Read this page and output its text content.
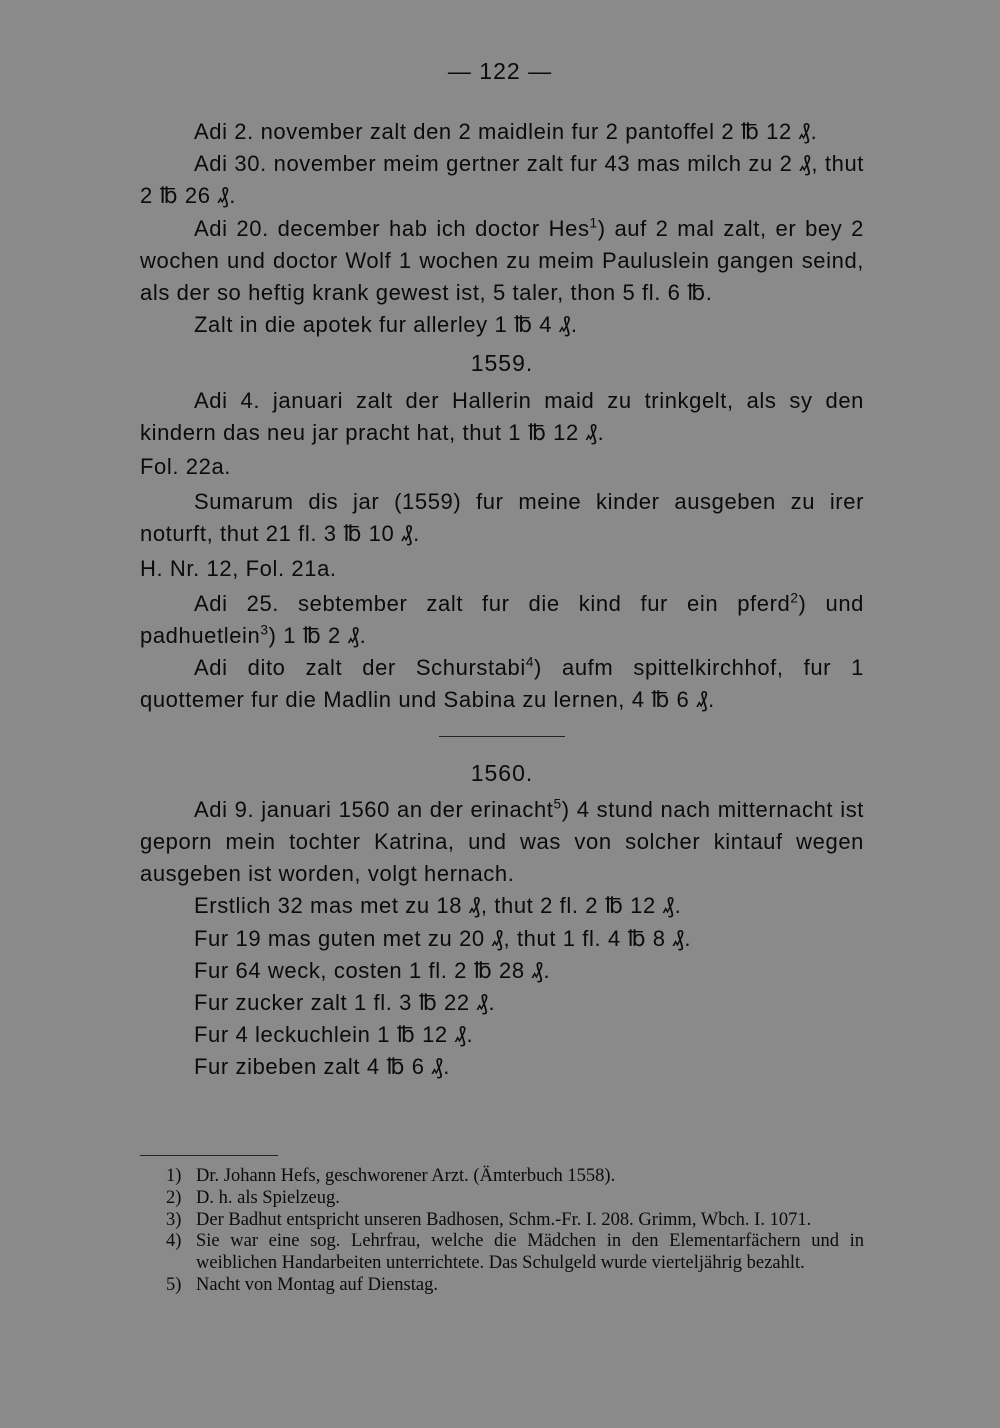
— 122 —

Adi 2. november zalt den 2 maidlein fur 2 pantoffel 2 ℔ 12 ₰.

Adi 30. november meim gertner zalt fur 43 mas milch zu 2 ₰, thut 2 ℔ 26 ₰.

Adi 20. december hab ich doctor Hes$^1$) auf 2 mal zalt, er bey 2 wochen und doctor Wolf 1 wochen zu meim Pauluslein gangen seind, als der so heftig krank gewest ist, 5 taler, thon 5 fl. 6 ℔.

Zalt in die apotek fur allerley 1 ℔ 4 ₰.

1559.

Adi 4. januari zalt der Hallerin maid zu trinkgelt, als sy den kindern das neu jar pracht hat, thut 1 ℔ 12 ₰.

Fol. 22a.

Sumarum dis jar (1559) fur meine kinder ausgeben zu irer noturft, thut 21 fl. 3 ℔ 10 ₰.

H. Nr. 12, Fol. 21a.

Adi 25. sebtember zalt fur die kind fur ein pferd$^2$) und padhuetlein$^3$) 1 ℔ 2 ₰.

Adi dito zalt der Schurstabi$^4$) aufm spittelkirchhof, fur 1 quottemer fur die Madlin und Sabina zu lernen, 4 ℔ 6 ₰.

1560.

Adi 9. januari 1560 an der erinacht$^5$) 4 stund nach mitternacht ist geporn mein tochter Katrina, und was von solcher kintauf wegen ausgeben ist worden, volgt hernach.

Erstlich 32 mas met zu 18 ₰, thut 2 fl. 2 ℔ 12 ₰.

Fur 19 mas guten met zu 20 ₰, thut 1 fl. 4 ℔ 8 ₰.

Fur 64 weck, costen 1 fl. 2 ℔ 28 ₰.

Fur zucker zalt 1 fl. 3 ℔ 22 ₰.

Fur 4 leckuchlein 1 ℔ 12 ₰.

Fur zibeben zalt 4 ℔ 6 ₰.

1) Dr. Johann Hefs, geschworener Arzt. (Ämterbuch 1558).
2) D. h. als Spielzeug.
3) Der Badhut entspricht unseren Badhosen, Schm.-Fr. I. 208. Grimm, Wbch. I. 1071.
4) Sie war eine sog. Lehrfrau, welche die Mädchen in den Elementarfächern und in weiblichen Handarbeiten unterrichtete. Das Schulgeld wurde vierteljährig bezahlt.
5) Nacht von Montag auf Dienstag.
